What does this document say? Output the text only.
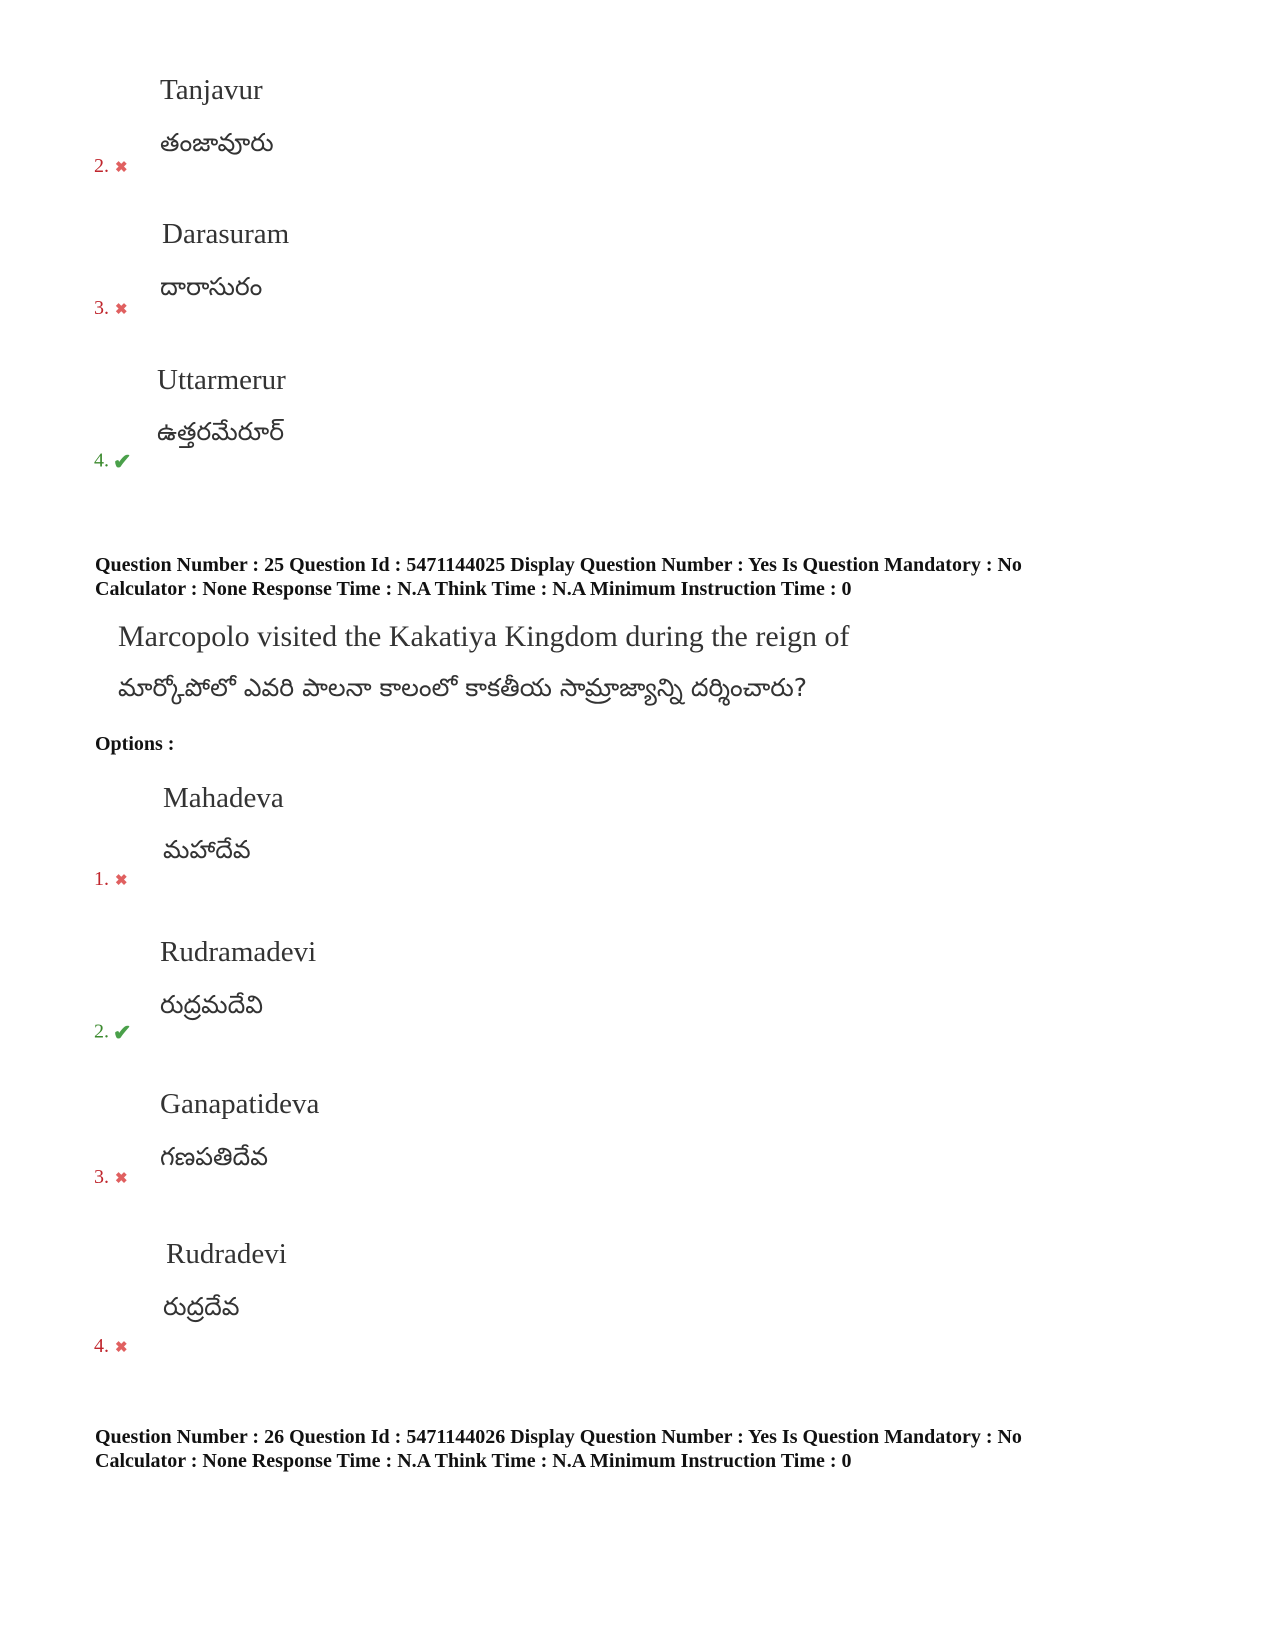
Tanjavur
తంజావూరు
2. ✖
Darasuram
దారాసురం
3. ✖
Uttarmerur
ఉత్తరమేరూర్
4. ✔
Question Number : 25 Question Id : 5471144025 Display Question Number : Yes Is Question Mandatory : No
Calculator : None Response Time : N.A Think Time : N.A Minimum Instruction Time : 0
Marcopolo visited the Kakatiya Kingdom during the reign of
మార్కోపోలో ఎవరి పాలనా కాలంలో కాకతీయ సామ్రాజ్యాన్ని దర్శించారు?
Options :
Mahadeva
మహాదేవ
1. ✖
Rudramadevi
రుద్రమదేవి
2. ✔
Ganapatideva
గణపతిదేవ
3. ✖
Rudradevi
రుద్రదేవ
4. ✖
Question Number : 26 Question Id : 5471144026 Display Question Number : Yes Is Question Mandatory : No
Calculator : None Response Time : N.A Think Time : N.A Minimum Instruction Time : 0
